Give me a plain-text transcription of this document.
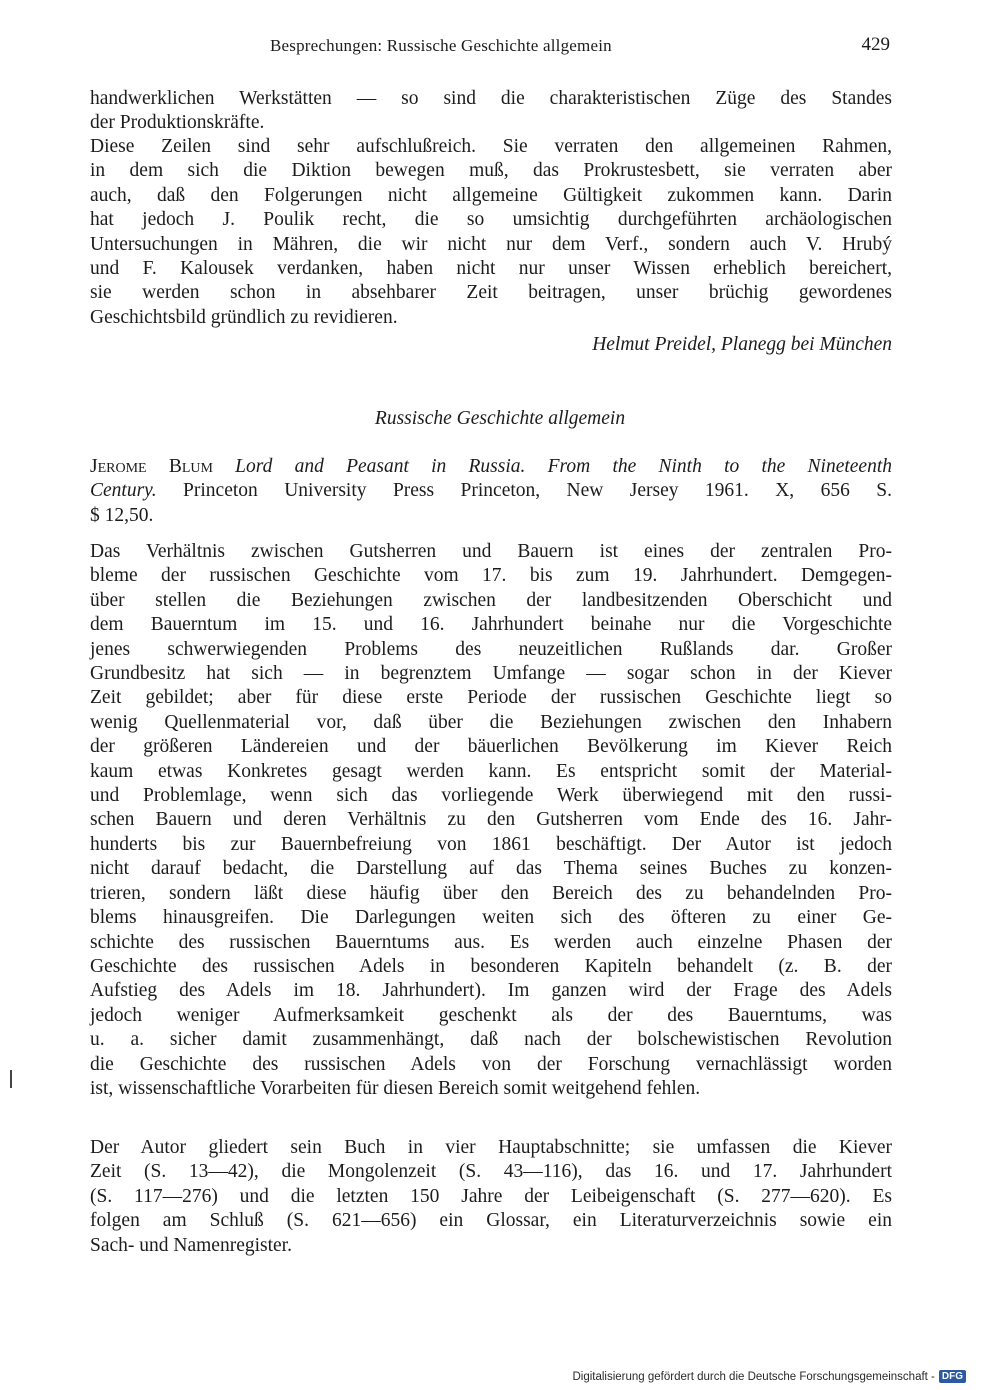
Besprechungen: Russische Geschichte allgemein	429
handwerklichen Werkstätten — so sind die charakteristischen Züge des Standes
der Produktionskräfte.
Diese Zeilen sind sehr aufschlußreich. Sie verraten den allgemeinen Rahmen,
in dem sich die Diktion bewegen muß, das Prokrustesbett, sie verraten aber
auch, daß den Folgerungen nicht allgemeine Gültigkeit zukommen kann. Darin
hat jedoch J. Poulik recht, die so umsichtig durchgeführten archäologischen
Untersuchungen in Mähren, die wir nicht nur dem Verf., sondern auch V. Hrubý
und F. Kalousek verdanken, haben nicht nur unser Wissen erheblich bereichert,
sie werden schon in absehbarer Zeit beitragen, unser brüchig gewordenes
Geschichtsbild gründlich zu revidieren.
Helmut Preidel, Planegg bei München
Russische Geschichte allgemein
Jerome Blum Lord and Peasant in Russia. From the Ninth to the Nineteenth
Century. Princeton University Press Princeton, New Jersey 1961. X, 656 S.
$ 12,50.
Das Verhältnis zwischen Gutsherren und Bauern ist eines der zentralen Pro-
bleme der russischen Geschichte vom 17. bis zum 19. Jahrhundert. Demgegen-
über stellen die Beziehungen zwischen der landbesitzenden Oberschicht und
dem Bauerntum im 15. und 16. Jahrhundert beinahe nur die Vorgeschichte
jenes schwerwiegenden Problems des neuzeitlichen Rußlands dar. Großer
Grundbesitz hat sich — in begrenztem Umfange — sogar schon in der Kiever
Zeit gebildet; aber für diese erste Periode der russischen Geschichte liegt so
wenig Quellenmaterial vor, daß über die Beziehungen zwischen den Inhabern
der größeren Ländereien und der bäuerlichen Bevölkerung im Kiever Reich
kaum etwas Konkretes gesagt werden kann. Es entspricht somit der Material-
und Problemlage, wenn sich das vorliegende Werk überwiegend mit den russi-
schen Bauern und deren Verhältnis zu den Gutsherren vom Ende des 16. Jahr-
hunderts bis zur Bauernbefreiung von 1861 beschäftigt. Der Autor ist jedoch
nicht darauf bedacht, die Darstellung auf das Thema seines Buches zu konzen-
trieren, sondern läßt diese häufig über den Bereich des zu behandelnden Pro-
blems hinausgreifen. Die Darlegungen weiten sich des öfteren zu einer Ge-
schichte des russischen Bauerntums aus. Es werden auch einzelne Phasen der
Geschichte des russischen Adels in besonderen Kapiteln behandelt (z. B. der
Aufstieg des Adels im 18. Jahrhundert). Im ganzen wird der Frage des Adels
jedoch weniger Aufmerksamkeit geschenkt als der des Bauerntums, was
u. a. sicher damit zusammenhängt, daß nach der bolschewistischen Revolution
die Geschichte des russischen Adels von der Forschung vernachlässigt worden
ist, wissenschaftliche Vorarbeiten für diesen Bereich somit weitgehend fehlen.
Der Autor gliedert sein Buch in vier Hauptabschnitte; sie umfassen die Kiever
Zeit (S. 13—42), die Mongolenzeit (S. 43—116), das 16. und 17. Jahrhundert
(S. 117—276) und die letzten 150 Jahre der Leibeigenschaft (S. 277—620). Es
folgen am Schluß (S. 621—656) ein Glossar, ein Literaturverzeichnis sowie ein
Sach- und Namenregister.
Digitalisierung gefördert durch die Deutsche Forschungsgemeinschaft - DFG
